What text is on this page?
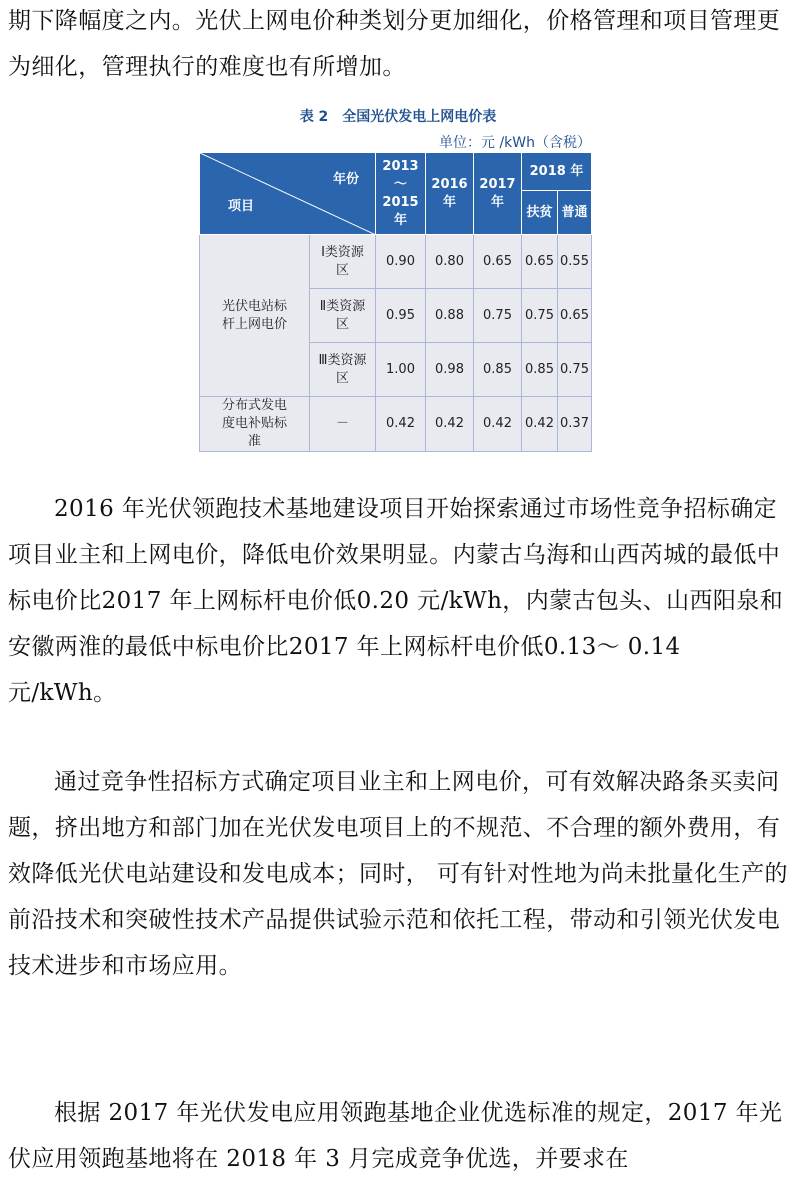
期下降幅度之内。光伏上网电价种类划分更加细化，价格管理和项目管理更为细化，管理执行的难度也有所增加。

表 2　全国光伏发电上网电价表
单位：元 /kWh（含税）
年份
项目		2013～ 2015 年	2016 年	2017 年	2018 年	
					扶贫	普通
光伏电站标杆上网电价	Ⅰ类资源区	0.90	0.80	0.65	0.65	0.55
	Ⅱ类资源区	0.95	0.88	0.75	0.75	0.65
	Ⅲ类资源区	1.00	0.98	0.85	0.85	0.75
分布式发电度电补贴标准	－	0.42	0.42	0.42	0.42	0.37

2016 年光伏领跑技术基地建设项目开始探索通过市场性竞争招标确定项目业主和上网电价，降低电价效果明显。内蒙古乌海和山西芮城的最低中标电价比2017 年上网标杆电价低0.20 元/kWh，内蒙古包头、山西阳泉和安徽两淮的最低中标电价比2017 年上网标杆电价低0.13～ 0.14 元/kWh。

通过竞争性招标方式确定项目业主和上网电价，可有效解决路条买卖问题，挤出地方和部门加在光伏发电项目上的不规范、不合理的额外费用，有效降低光伏电站建设和发电成本；同时， 可有针对性地为尚未批量化生产的前沿技术和突破性技术产品提供试验示范和依托工程，带动和引领光伏发电技术进步和市场应用。

根据 2017 年光伏发电应用领跑基地企业优选标准的规定，2017 年光伏应用领跑基地将在 2018 年 3 月完成竞争优选，并要求在
